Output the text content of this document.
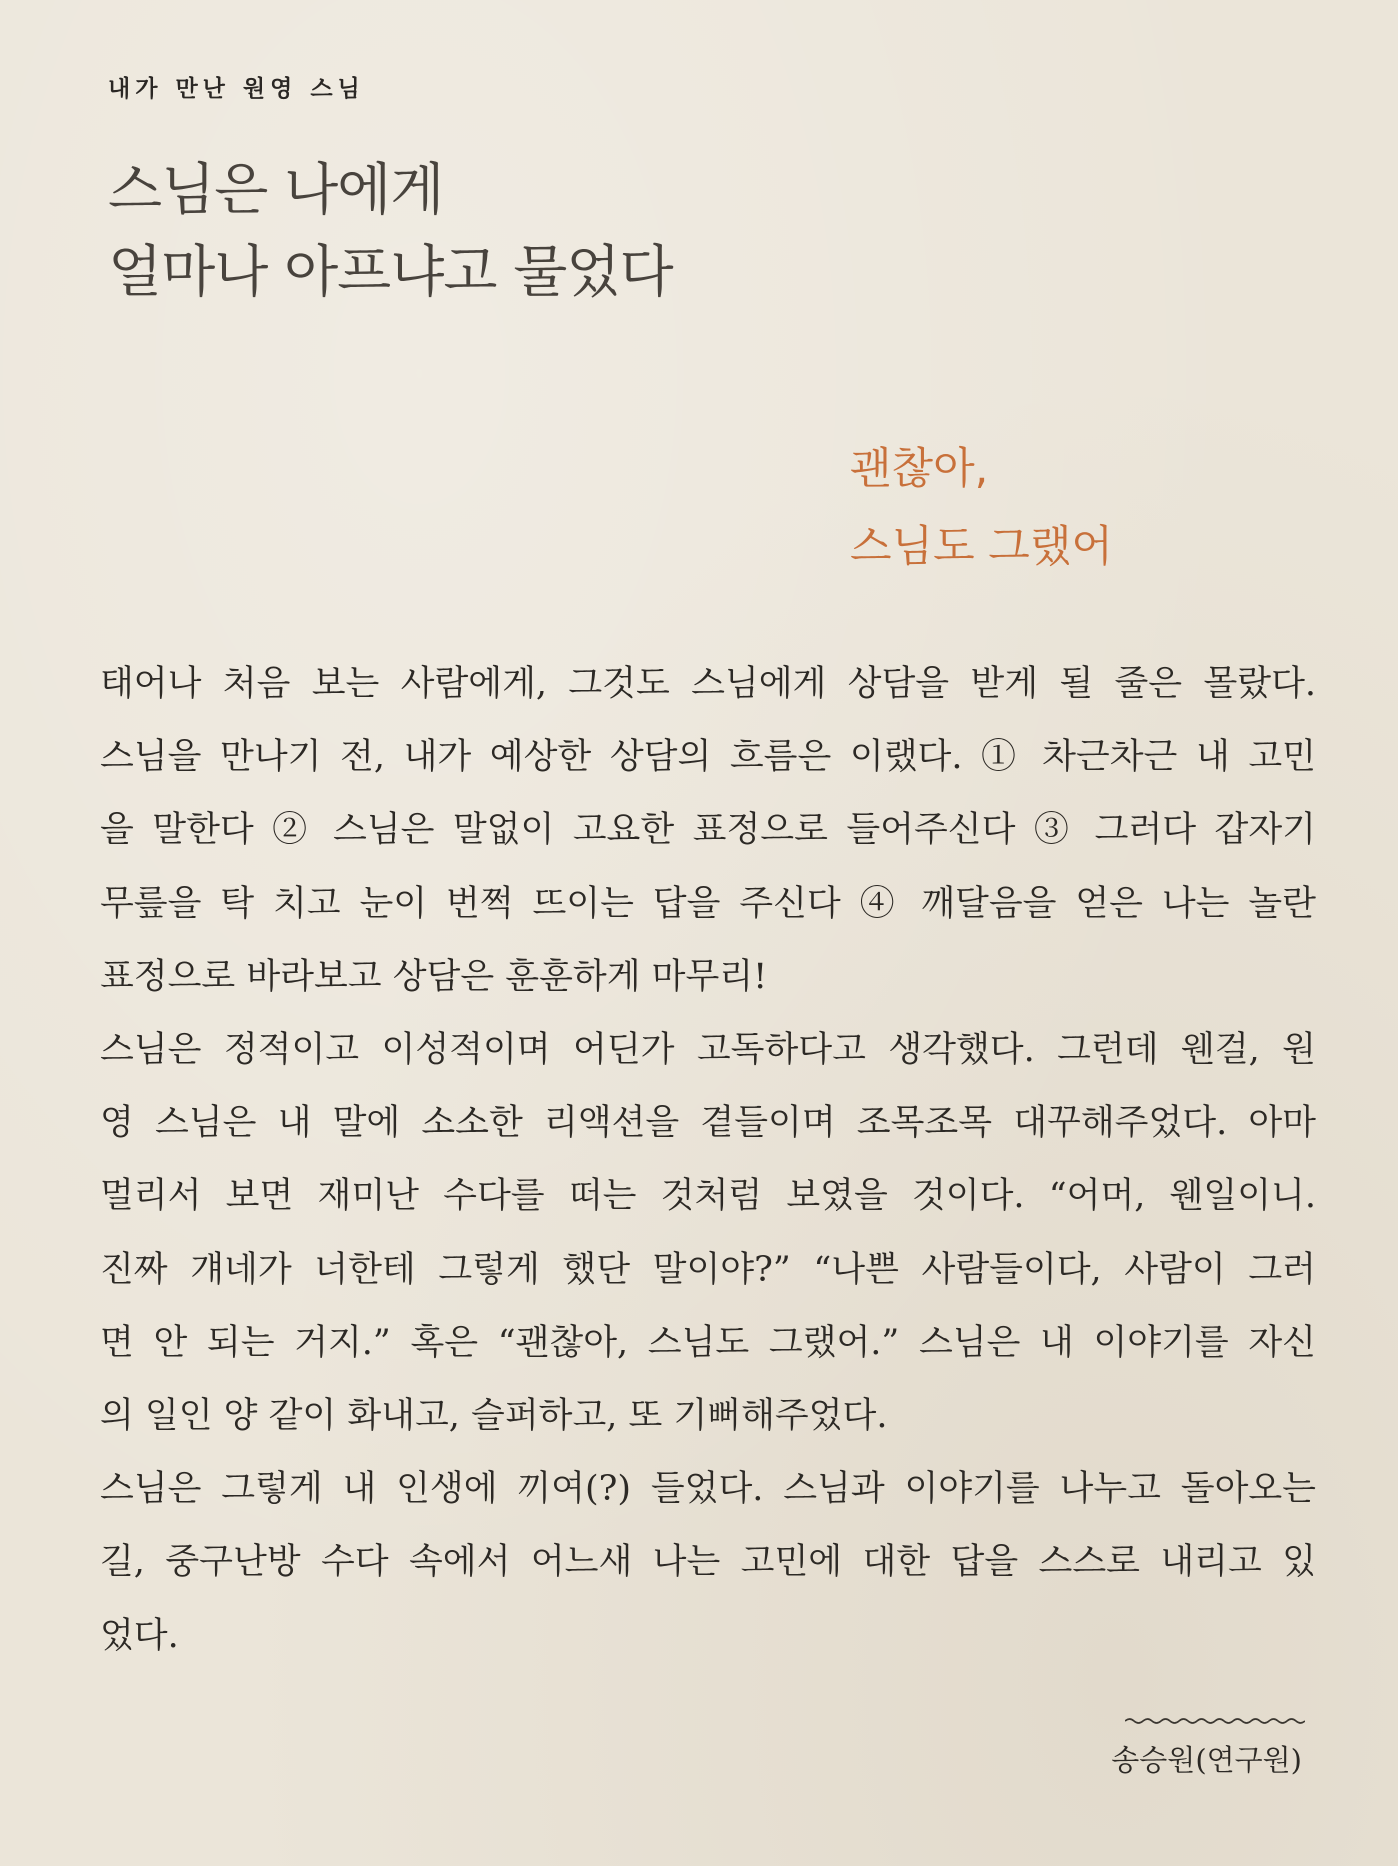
내가 만난 원영 스님
스님은 나에게
얼마나 아프냐고 물었다
괜찮아,
스님도 그랬어
태어나 처음 보는 사람에게, 그것도 스님에게 상담을 받게 될 줄은 몰랐다.
스님을 만나기 전, 내가 예상한 상담의 흐름은 이랬다. ① 차근차근 내 고민
을 말한다 ② 스님은 말없이 고요한 표정으로 들어주신다 ③ 그러다 갑자기
무릎을 탁 치고 눈이 번쩍 뜨이는 답을 주신다 ④ 깨달음을 얻은 나는 놀란
표정으로 바라보고 상담은 훈훈하게 마무리!
스님은 정적이고 이성적이며 어딘가 고독하다고 생각했다. 그런데 웬걸, 원
영 스님은 내 말에 소소한 리액션을 곁들이며 조목조목 대꾸해주었다. 아마
멀리서 보면 재미난 수다를 떠는 것처럼 보였을 것이다. “어머, 웬일이니.
진짜 걔네가 너한테 그렇게 했단 말이야?” “나쁜 사람들이다, 사람이 그러
면 안 되는 거지.” 혹은 “괜찮아, 스님도 그랬어.” 스님은 내 이야기를 자신
의 일인 양 같이 화내고, 슬퍼하고, 또 기뻐해주었다.
스님은 그렇게 내 인생에 끼여(?) 들었다. 스님과 이야기를 나누고 돌아오는
길, 중구난방 수다 속에서 어느새 나는 고민에 대한 답을 스스로 내리고 있
었다.
송승원(연구원)
